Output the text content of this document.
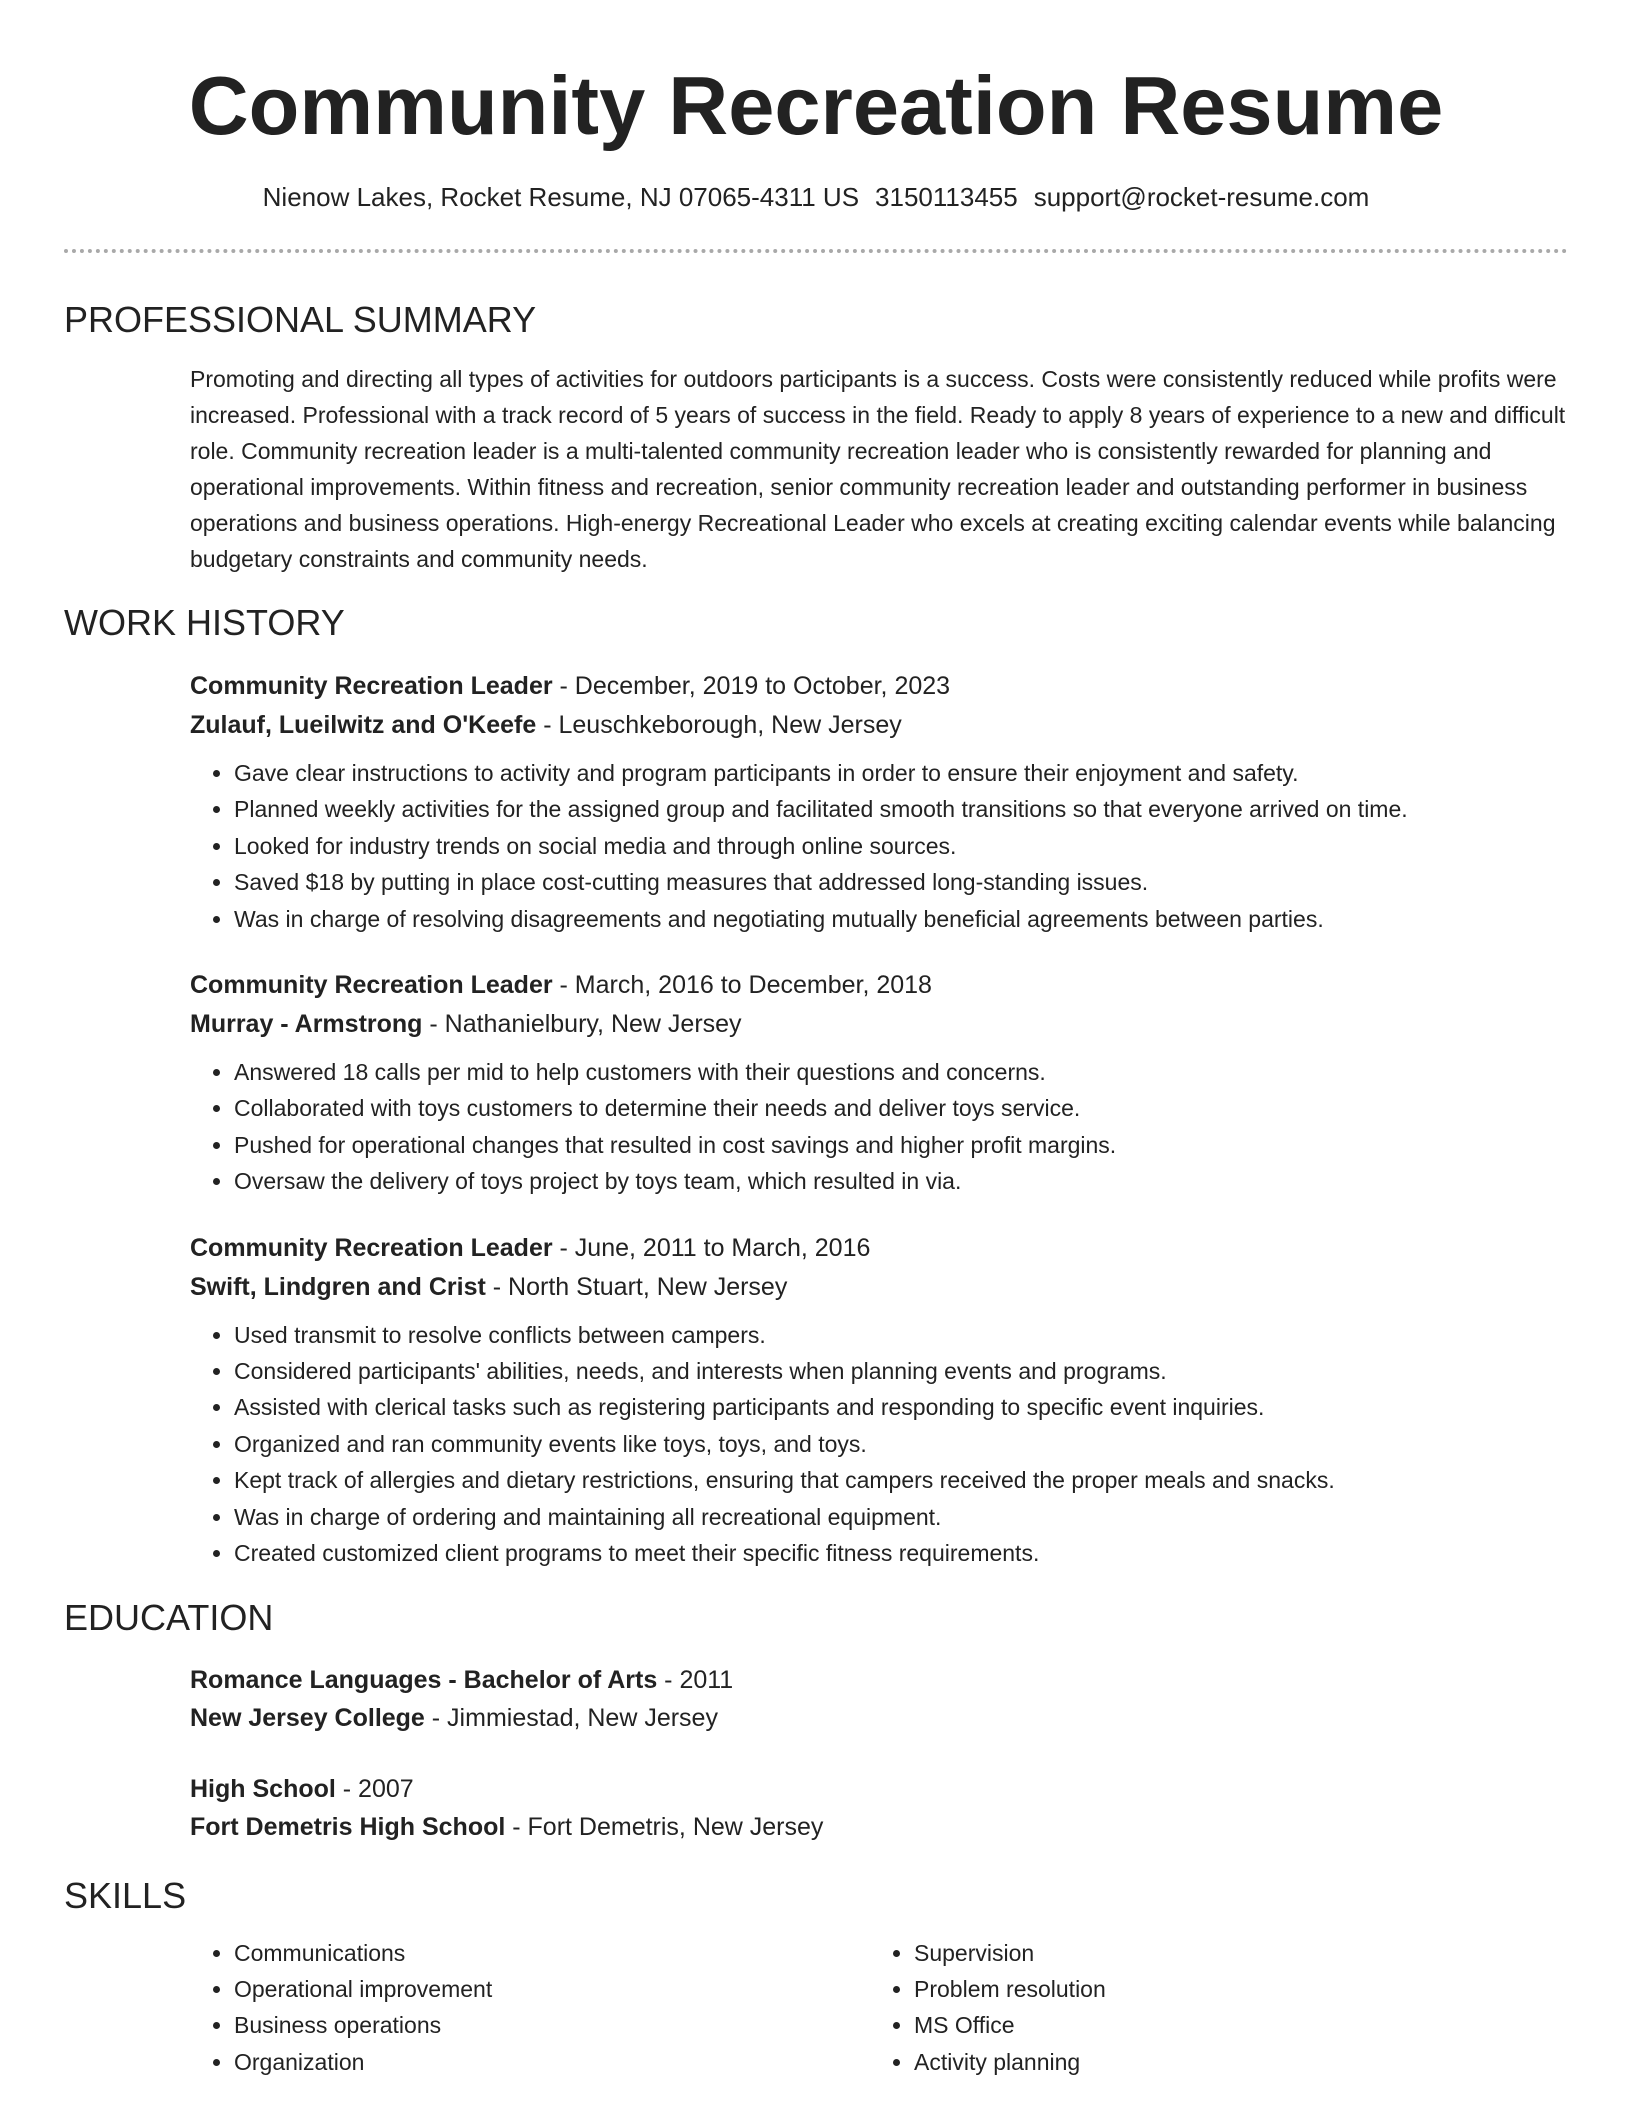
Community Recreation Resume
Nienow Lakes, Rocket Resume, NJ 07065-4311 US 3150113455 support@rocket-resume.com
PROFESSIONAL SUMMARY

Promoting and directing all types of activities for outdoors participants is a success. Costs were consistently reduced while profits were increased. Professional with a track record of 5 years of success in the field. Ready to apply 8 years of experience to a new and difficult role. Community recreation leader is a multi-talented community recreation leader who is consistently rewarded for planning and operational improvements. Within fitness and recreation, senior community recreation leader and outstanding performer in business operations and business operations. High-energy Recreational Leader who excels at creating exciting calendar events while balancing budgetary constraints and community needs.

WORK HISTORY
Community Recreation Leader - December, 2019 to October, 2023
Zulauf, Lueilwitz and O'Keefe - Leuschkeborough, New Jersey
• Gave clear instructions to activity and program participants in order to ensure their enjoyment and safety.
• Planned weekly activities for the assigned group and facilitated smooth transitions so that everyone arrived on time.
• Looked for industry trends on social media and through online sources.
• Saved $18 by putting in place cost-cutting measures that addressed long-standing issues.
• Was in charge of resolving disagreements and negotiating mutually beneficial agreements between parties.
Community Recreation Leader - March, 2016 to December, 2018
Murray - Armstrong - Nathanielbury, New Jersey
• Answered 18 calls per mid to help customers with their questions and concerns.
• Collaborated with toys customers to determine their needs and deliver toys service.
• Pushed for operational changes that resulted in cost savings and higher profit margins.
• Oversaw the delivery of toys project by toys team, which resulted in via.
Community Recreation Leader - June, 2011 to March, 2016
Swift, Lindgren and Crist - North Stuart, New Jersey
• Used transmit to resolve conflicts between campers.
• Considered participants' abilities, needs, and interests when planning events and programs.
• Assisted with clerical tasks such as registering participants and responding to specific event inquiries.
• Organized and ran community events like toys, toys, and toys.
• Kept track of allergies and dietary restrictions, ensuring that campers received the proper meals and snacks.
• Was in charge of ordering and maintaining all recreational equipment.
• Created customized client programs to meet their specific fitness requirements.
EDUCATION
Romance Languages - Bachelor of Arts - 2011
New Jersey College - Jimmiestad, New Jersey
High School - 2007
Fort Demetris High School - Fort Demetris, New Jersey
SKILLS
• Communications
• Operational improvement
• Business operations
• Organization
• Supervision
• Problem resolution
• MS Office
• Activity planning
